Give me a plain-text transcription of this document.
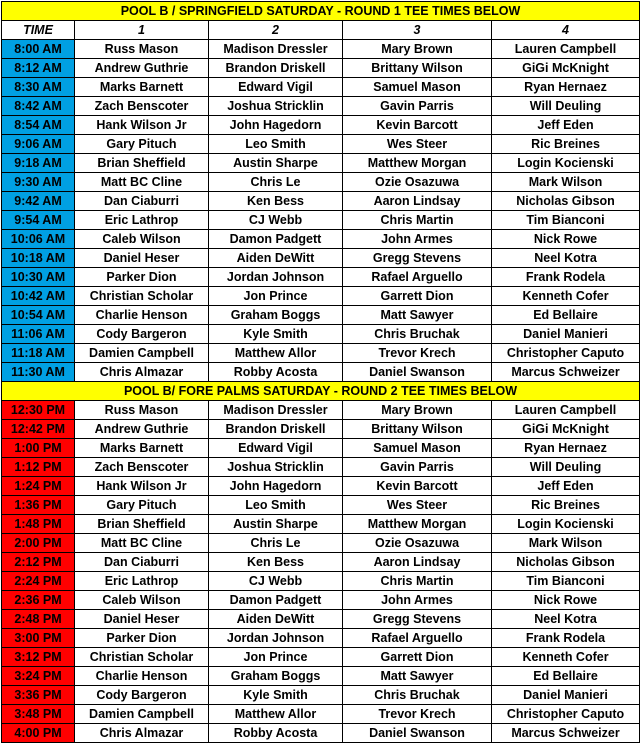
POOL B / SPRINGFIELD SATURDAY - ROUND 1 TEE TIMES BELOW				
TIME	1	2	3	4
8:00 AM	Russ Mason	Madison Dressler	Mary Brown	Lauren Campbell
8:12 AM	Andrew Guthrie	Brandon Driskell	Brittany Wilson	GiGi McKnight
8:30 AM	Marks Barnett	Edward Vigil	Samuel Mason	Ryan Hernaez
8:42 AM	Zach Benscoter	Joshua Stricklin	Gavin Parris	Will Deuling
8:54 AM	Hank Wilson Jr	John Hagedorn	Kevin Barcott	Jeff Eden
9:06 AM	Gary Pituch	Leo Smith	Wes Steer	Ric Breines
9:18 AM	Brian Sheffield	Austin Sharpe	Matthew Morgan	Login Kocienski
9:30 AM	Matt BC Cline	Chris Le	Ozie Osazuwa	Mark Wilson
9:42 AM	Dan Ciaburri	Ken Bess	Aaron Lindsay	Nicholas Gibson
9:54 AM	Eric Lathrop	CJ Webb	Chris Martin	Tim Bianconi
10:06 AM	Caleb Wilson	Damon Padgett	John Armes	Nick Rowe
10:18 AM	Daniel Heser	Aiden DeWitt	Gregg Stevens	Neel Kotra
10:30 AM	Parker Dion	Jordan Johnson	Rafael Arguello	Frank Rodela
10:42 AM	Christian Scholar	Jon Prince	Garrett Dion	Kenneth Cofer
10:54 AM	Charlie Henson	Graham Boggs	Matt Sawyer	Ed Bellaire
11:06 AM	Cody Bargeron	Kyle Smith	Chris Bruchak	Daniel Manieri
11:18 AM	Damien Campbell	Matthew Allor	Trevor Krech	Christopher Caputo
11:30 AM	Chris Almazar	Robby Acosta	Daniel Swanson	Marcus Schweizer
POOL B/ FORE PALMS SATURDAY - ROUND 2 TEE TIMES BELOW				
12:30 PM	Russ Mason	Madison Dressler	Mary Brown	Lauren Campbell
12:42 PM	Andrew Guthrie	Brandon Driskell	Brittany Wilson	GiGi McKnight
1:00 PM	Marks Barnett	Edward Vigil	Samuel Mason	Ryan Hernaez
1:12 PM	Zach Benscoter	Joshua Stricklin	Gavin Parris	Will Deuling
1:24 PM	Hank Wilson Jr	John Hagedorn	Kevin Barcott	Jeff Eden
1:36 PM	Gary Pituch	Leo Smith	Wes Steer	Ric Breines
1:48 PM	Brian Sheffield	Austin Sharpe	Matthew Morgan	Login Kocienski
2:00 PM	Matt BC Cline	Chris Le	Ozie Osazuwa	Mark Wilson
2:12 PM	Dan Ciaburri	Ken Bess	Aaron Lindsay	Nicholas Gibson
2:24 PM	Eric Lathrop	CJ Webb	Chris Martin	Tim Bianconi
2:36 PM	Caleb Wilson	Damon Padgett	John Armes	Nick Rowe
2:48 PM	Daniel Heser	Aiden DeWitt	Gregg Stevens	Neel Kotra
3:00 PM	Parker Dion	Jordan Johnson	Rafael Arguello	Frank Rodela
3:12 PM	Christian Scholar	Jon Prince	Garrett Dion	Kenneth Cofer
3:24 PM	Charlie Henson	Graham Boggs	Matt Sawyer	Ed Bellaire
3:36 PM	Cody Bargeron	Kyle Smith	Chris Bruchak	Daniel Manieri
3:48 PM	Damien Campbell	Matthew Allor	Trevor Krech	Christopher Caputo
4:00 PM	Chris Almazar	Robby Acosta	Daniel Swanson	Marcus Schweizer
